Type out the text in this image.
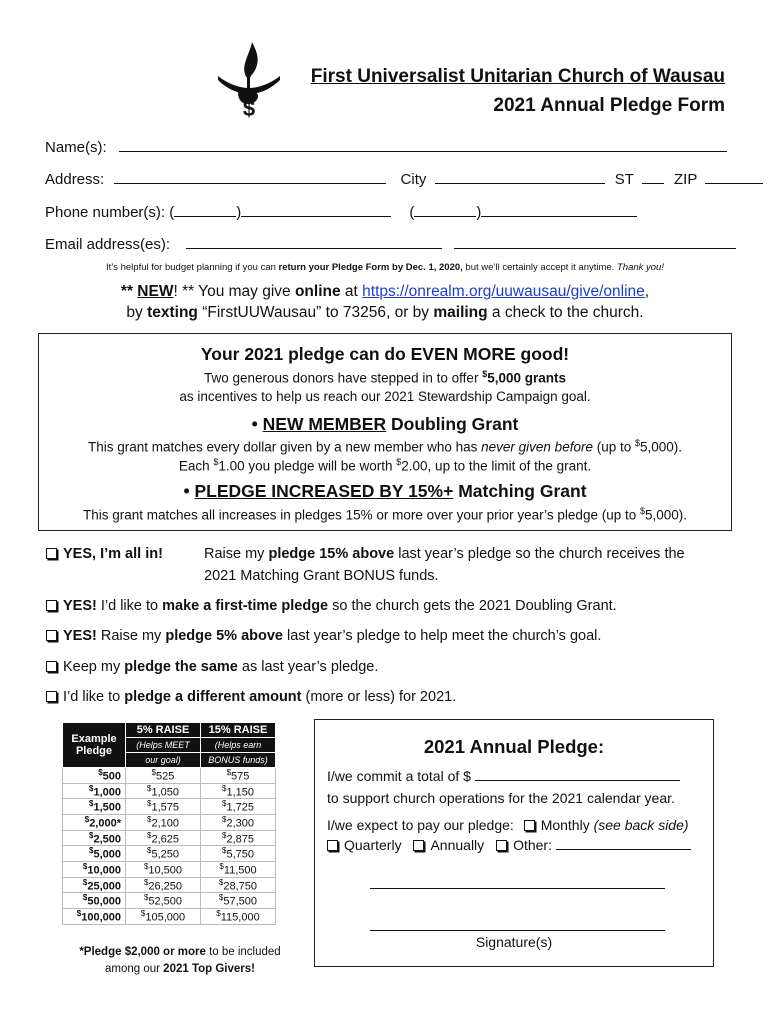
$
First Universalist Unitarian Church of Wausau
2021 Annual Pledge Form
Name(s):
Address:	City	ST	ZIP
Phone number(s): (	)	(	)
Email address(es):
It’s helpful for budget planning if you can return your Pledge Form by Dec. 1, 2020, but we’ll certainly accept it anytime. Thank you!
** NEW! ** You may give online at https://onrealm.org/uuwausau/give/online,
by texting “FirstUUWausau” to 73256, or by mailing a check to the church.
Your 2021 pledge can do EVEN MORE good!
Two generous donors have stepped in to offer $5,000 grants
as incentives to help us reach our 2021 Stewardship Campaign goal.
• NEW MEMBER Doubling Grant
This grant matches every dollar given by a new member who has never given before (up to $5,000).
Each $1.00 you pledge will be worth $2.00, up to the limit of the grant.
• PLEDGE INCREASED BY 15%+ Matching Grant
This grant matches all increases in pledges 15% or more over your prior year’s pledge (up to $5,000).
YES, I’m all in!	Raise my pledge 15% above last year’s pledge so the church receives the
2021 Matching Grant BONUS funds.
YES! I’d like to make a first-time pledge so the church gets the 2021 Doubling Grant.
YES! Raise my pledge 5% above last year’s pledge to help meet the church’s goal.
Keep my pledge the same as last year’s pledge.
I’d like to pledge a different amount (more or less) for 2021.
Example
Pledge	5% RAISE	15% RAISE
	(Helps MEET	(Helps earn
	our goal)	BONUS funds)
$500	$525	$575
$1,000	$1,050	$1,150
$1,500	$1,575	$1,725
$2,000*	$2,100	$2,300
$2,500	$2,625	$2,875
$5,000	$5,250	$5,750
$10,000	$10,500	$11,500
$25,000	$26,250	$28,750
$50,000	$52,500	$57,500
$100,000	$105,000	$115,000
*Pledge $2,000 or more to be included
among our 2021 Top Givers!
2021 Annual Pledge:
I/we commit a total of $
to support church operations for the 2021 calendar year.
I/we expect to pay our pledge: Monthly (see back side)
Quarterly Annually Other:
Signature(s)
